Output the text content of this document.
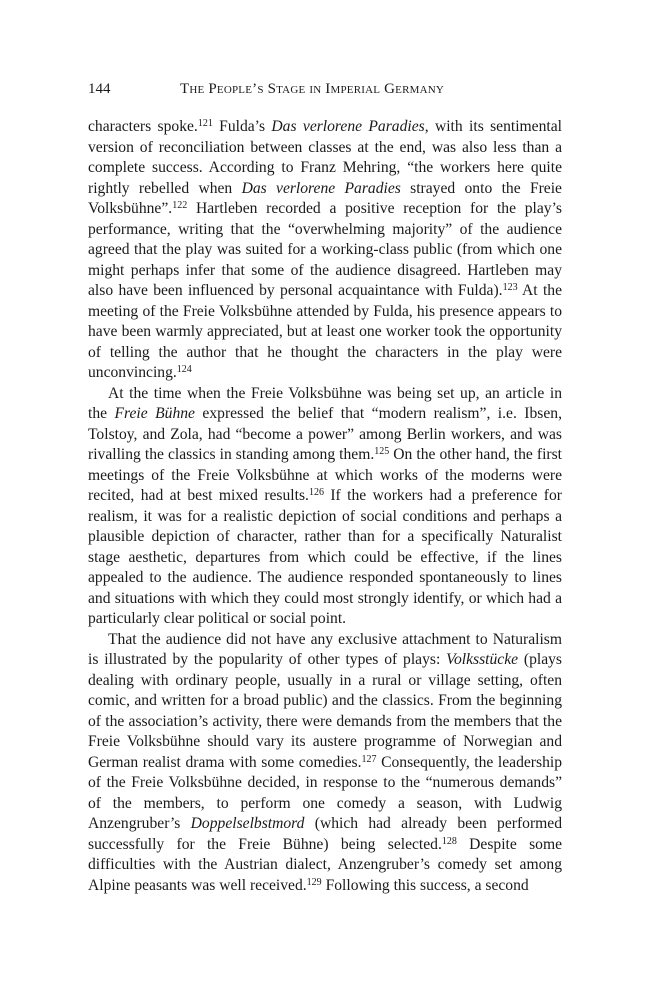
144	The People’s Stage in Imperial Germany

characters spoke.$^{121}$ Fulda’s Das verlorene Paradies, with its sentimental version of reconciliation between classes at the end, was also less than a complete success. According to Franz Mehring, “the workers here quite rightly rebelled when Das verlorene Paradies strayed onto the Freie Volksbühne”.$^{122}$ Hartleben recorded a positive reception for the play’s performance, writing that the “overwhelming majority” of the audience agreed that the play was suited for a working-class public (from which one might perhaps infer that some of the audience disagreed. Hartleben may also have been influenced by personal acquaintance with Fulda).$^{123}$ At the meeting of the Freie Volksbühne attended by Fulda, his presence appears to have been warmly appreciated, but at least one worker took the opportunity of telling the author that he thought the characters in the play were unconvincing.$^{124}$

At the time when the Freie Volksbühne was being set up, an article in the Freie Bühne expressed the belief that “modern realism”, i.e. Ibsen, Tolstoy, and Zola, had “become a power” among Berlin workers, and was rivalling the classics in standing among them.$^{125}$ On the other hand, the first meetings of the Freie Volksbühne at which works of the moderns were recited, had at best mixed results.$^{126}$ If the workers had a preference for realism, it was for a realistic depiction of social conditions and perhaps a plausible depiction of character, rather than for a specifically Naturalist stage aesthetic, departures from which could be effective, if the lines appealed to the audience. The audience responded spontaneously to lines and situations with which they could most strongly identify, or which had a particularly clear political or social point.

That the audience did not have any exclusive attachment to Naturalism is illustrated by the popularity of other types of plays: Volksstücke (plays dealing with ordinary people, usually in a rural or village setting, often comic, and written for a broad public) and the classics. From the beginning of the association’s activity, there were demands from the members that the Freie Volksbühne should vary its austere programme of Norwegian and German realist drama with some comedies.$^{127}$ Consequently, the leadership of the Freie Volksbühne decided, in response to the “numerous demands” of the members, to perform one comedy a season, with Ludwig Anzengruber’s Doppelselbstmord (which had already been performed successfully for the Freie Bühne) being selected.$^{128}$ Despite some difficulties with the Austrian dialect, Anzengruber’s comedy set among Alpine peasants was well received.$^{129}$ Following this success, a second
